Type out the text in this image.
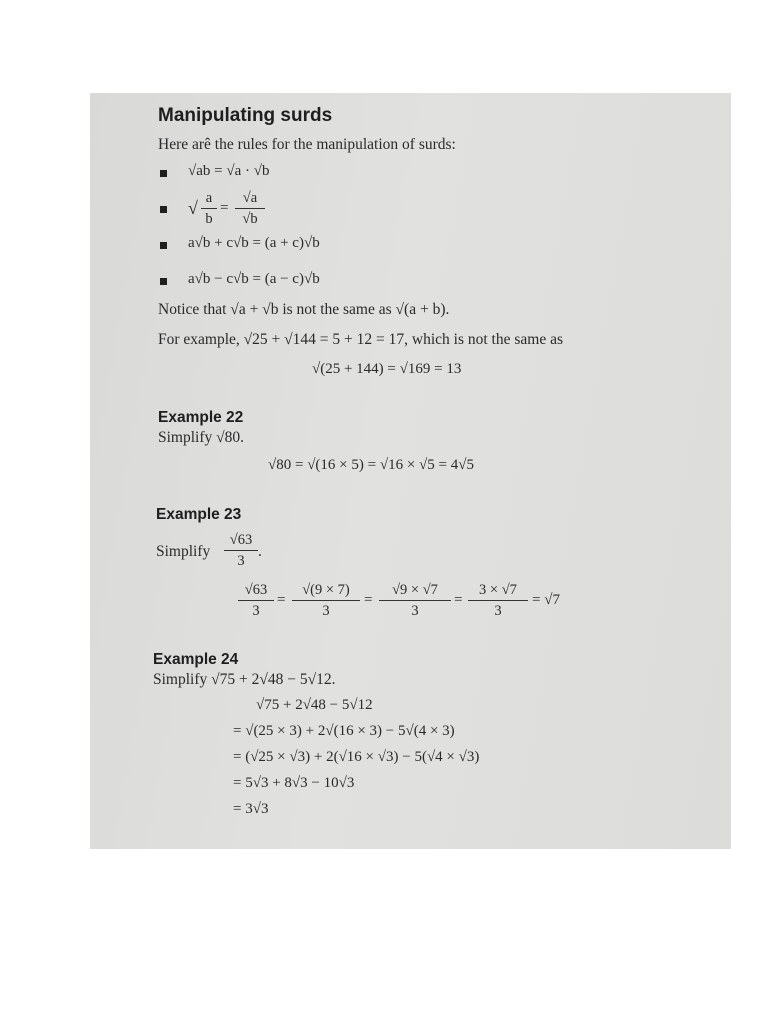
Manipulating surds
Here arê the rules for the manipulation of surds:
√ab = √a · √b
√ a
b
=
√a
√b
a√b + c√b = (a + c)√b
a√b − c√b = (a − c)√b
Notice that √a + √b is not the same as √(a + b).
For example, √25 + √144 = 5 + 12 = 17, which is not the same as
√(25 + 144) = √169 = 13
Example 22
Simplify √80.
√80 = √(16 × 5) = √16 × √5 = 4√5
Example 23
Simplify
√63
3
.
√63
3
=
√(9 × 7)
3
=
√9 × √7
3
=
3 × √7
3
= √7
Example 24
Simplify √75 + 2√48 − 5√12.
√75 + 2√48 − 5√12
= √(25 × 3) + 2√(16 × 3) − 5√(4 × 3)
= (√25 × √3) + 2(√16 × √3) − 5(√4 × √3)
= 5√3 + 8√3 − 10√3
= 3√3
